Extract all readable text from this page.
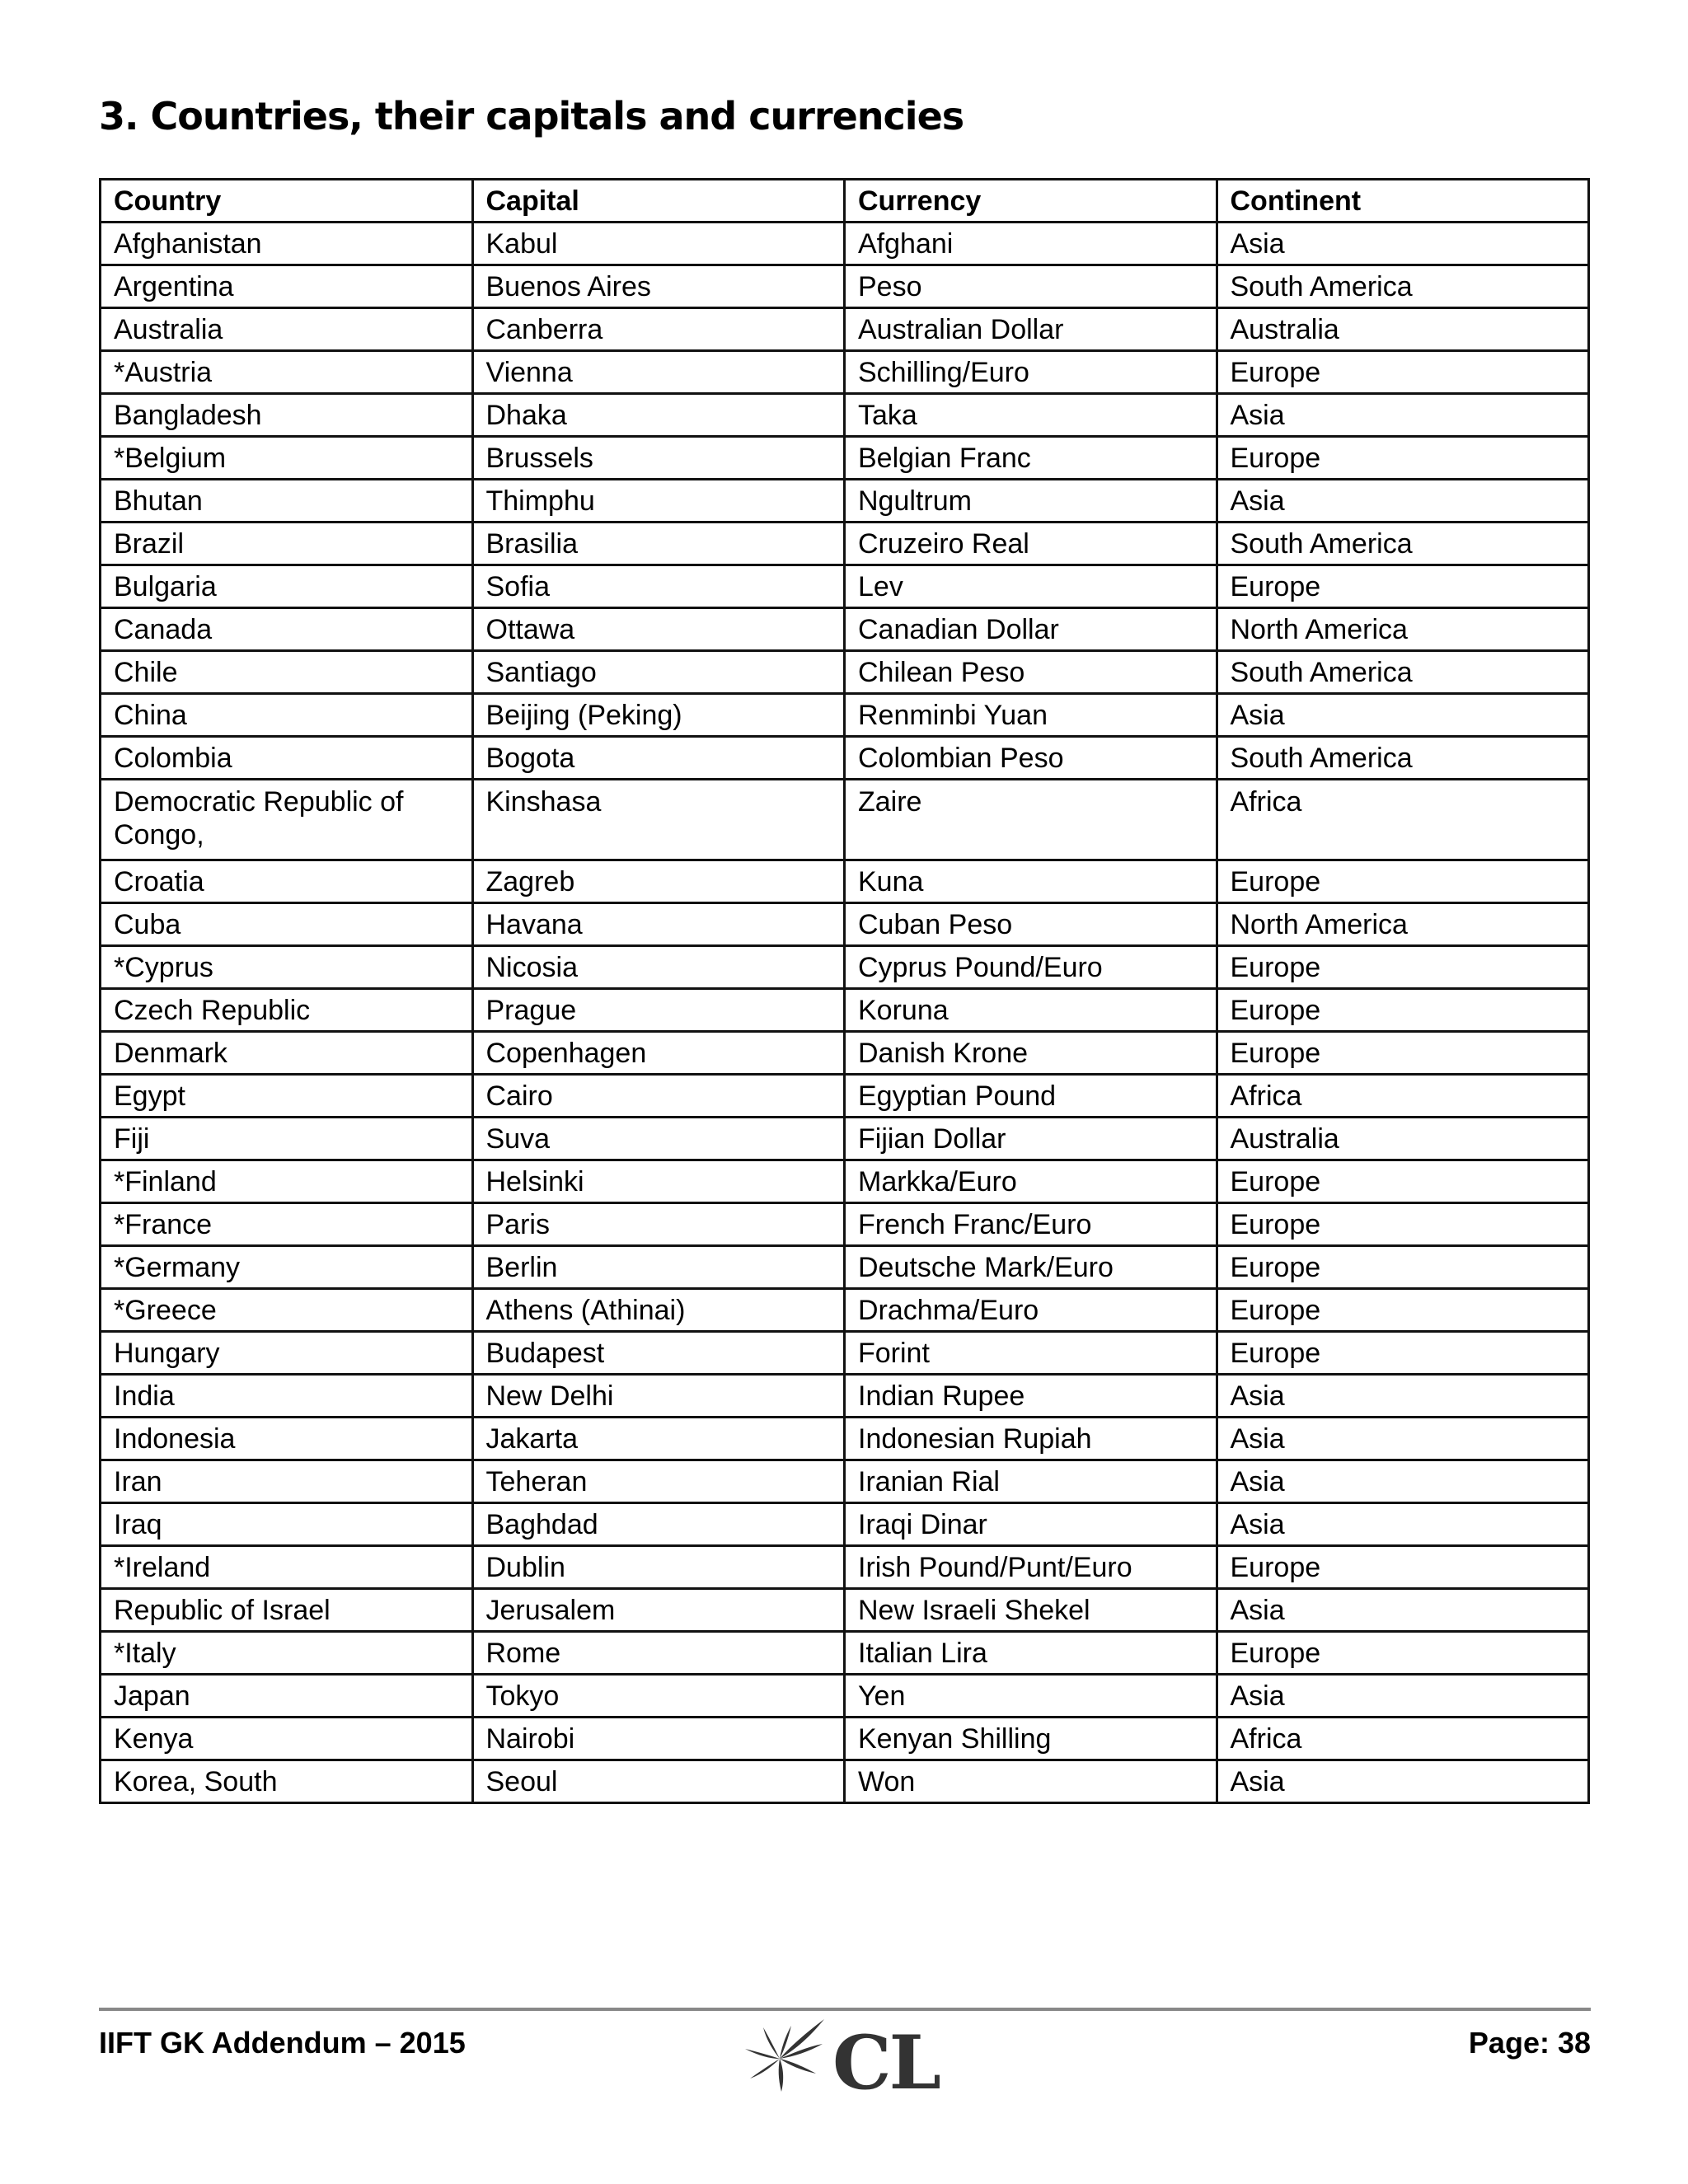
3. Countries, their capitals and currencies
Country	Capital	Currency	Continent
Afghanistan	Kabul	Afghani	Asia
Argentina	Buenos Aires	Peso	South America
Australia	Canberra	Australian Dollar	Australia
*Austria	Vienna	Schilling/Euro	Europe
Bangladesh	Dhaka	Taka	Asia
*Belgium	Brussels	Belgian Franc	Europe
Bhutan	Thimphu	Ngultrum	Asia
Brazil	Brasilia	Cruzeiro Real	South America
Bulgaria	Sofia	Lev	Europe
Canada	Ottawa	Canadian Dollar	North America
Chile	Santiago	Chilean Peso	South America
China	Beijing (Peking)	Renminbi Yuan	Asia
Colombia	Bogota	Colombian Peso	South America
Democratic Republic of Congo,	Kinshasa	Zaire	Africa
Croatia	Zagreb	Kuna	Europe
Cuba	Havana	Cuban Peso	North America
*Cyprus	Nicosia	Cyprus Pound/Euro	Europe
Czech Republic	Prague	Koruna	Europe
Denmark	Copenhagen	Danish Krone	Europe
Egypt	Cairo	Egyptian Pound	Africa
Fiji	Suva	Fijian Dollar	Australia
*Finland	Helsinki	Markka/Euro	Europe
*France	Paris	French Franc/Euro	Europe
*Germany	Berlin	Deutsche Mark/Euro	Europe
*Greece	Athens (Athinai)	Drachma/Euro	Europe
Hungary	Budapest	Forint	Europe
India	New Delhi	Indian Rupee	Asia
Indonesia	Jakarta	Indonesian Rupiah	Asia
Iran	Teheran	Iranian Rial	Asia
Iraq	Baghdad	Iraqi Dinar	Asia
*Ireland	Dublin	Irish Pound/Punt/Euro	Europe
Republic of Israel	Jerusalem	New Israeli Shekel	Asia
*Italy	Rome	Italian Lira	Europe
Japan	Tokyo	Yen	Asia
Kenya	Nairobi	Kenyan Shilling	Africa
Korea, South	Seoul	Won	Asia
IIFT GK Addendum – 2015	CL	Page: 38
